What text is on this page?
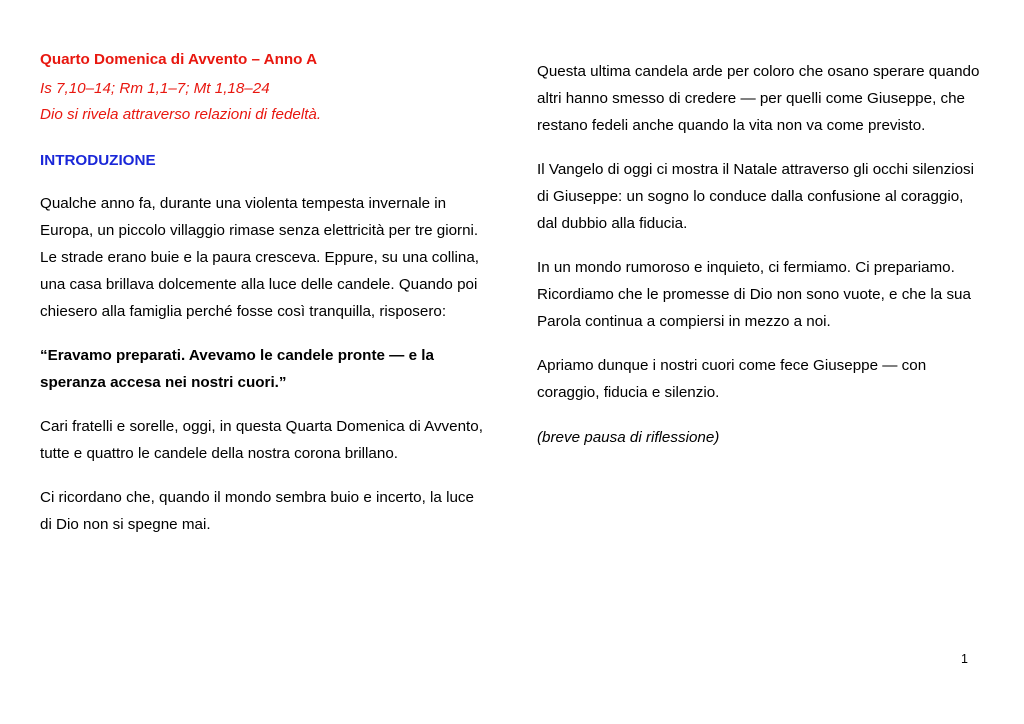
Quarto Domenica di Avvento – Anno A
Is 7,10–14; Rm 1,1–7; Mt 1,18–24
Dio si rivela attraverso relazioni di fedeltà.
INTRODUZIONE

Qualche anno fa, durante una violenta tempesta invernale in Europa, un piccolo villaggio rimase senza elettricità per tre giorni. Le strade erano buie e la paura cresceva. Eppure, su una collina, una casa brillava dolcemente alla luce delle candele. Quando poi chiesero alla famiglia perché fosse così tranquilla, risposero:

“Eravamo preparati. Avevamo le candele pronte — e la speranza accesa nei nostri cuori.”

Cari fratelli e sorelle, oggi, in questa Quarta Domenica di Avvento, tutte e quattro le candele della nostra corona brillano.

Ci ricordano che, quando il mondo sembra buio e incerto, la luce di Dio non si spegne mai.

Questa ultima candela arde per coloro che osano sperare quando altri hanno smesso di credere — per quelli come Giuseppe, che restano fedeli anche quando la vita non va come previsto.

Il Vangelo di oggi ci mostra il Natale attraverso gli occhi silenziosi di Giuseppe: un sogno lo conduce dalla confusione al coraggio, dal dubbio alla fiducia.

In un mondo rumoroso e inquieto, ci fermiamo. Ci prepariamo. Ricordiamo che le promesse di Dio non sono vuote, e che la sua Parola continua a compiersi in mezzo a noi.

Apriamo dunque i nostri cuori come fece Giuseppe — con coraggio, fiducia e silenzio.

(breve pausa di riflessione)

1
